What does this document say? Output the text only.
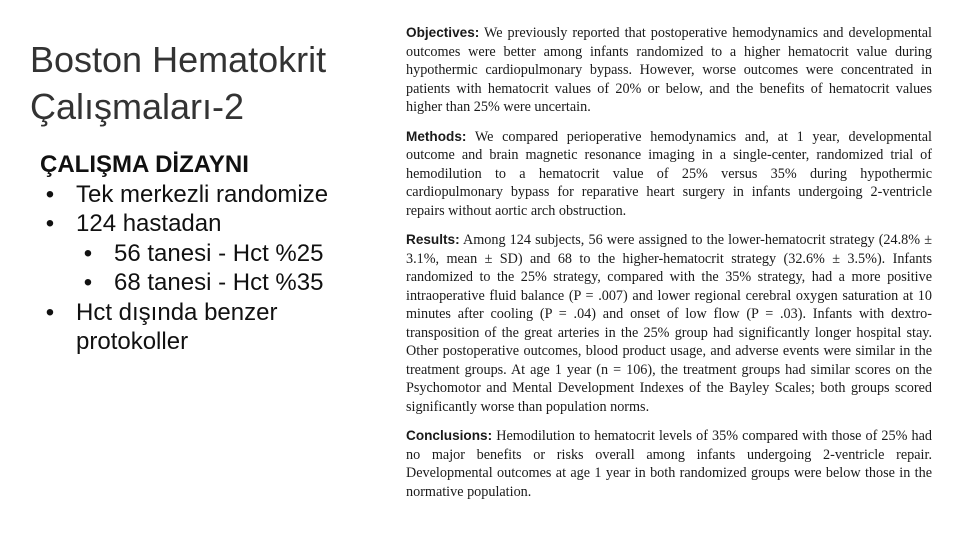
Boston Hematokrit
Çalışmaları-2
ÇALIŞMA DİZAYNI
• Tek merkezli randomize
• 124 hastadan
• 56 tanesi - Hct %25
• 68 tanesi - Hct %35
• Hct dışında benzer protokoller

Objectives: We previously reported that postoperative hemodynamics and developmental outcomes were better among infants randomized to a higher hematocrit value during hypothermic cardiopulmonary bypass. However, worse outcomes were concentrated in patients with hematocrit values of 20% or below, and the benefits of hematocrit values higher than 25% were uncertain.

Methods: We compared perioperative hemodynamics and, at 1 year, developmental outcome and brain magnetic resonance imaging in a single-center, randomized trial of hemodilution to a hematocrit value of 25% versus 35% during hypothermic cardiopulmonary bypass for reparative heart surgery in infants undergoing 2-ventricle repairs without aortic arch obstruction.

Results: Among 124 subjects, 56 were assigned to the lower-hematocrit strategy (24.8% ± 3.1%, mean ± SD) and 68 to the higher-hematocrit strategy (32.6% ± 3.5%). Infants randomized to the 25% strategy, compared with the 35% strategy, had a more positive intraoperative fluid balance (P = .007) and lower regional cerebral oxygen saturation at 10 minutes after cooling (P = .04) and onset of low flow (P = .03). Infants with dextro-transposition of the great arteries in the 25% group had significantly longer hospital stay. Other postoperative outcomes, blood product usage, and adverse events were similar in the treatment groups. At age 1 year (n = 106), the treatment groups had similar scores on the Psychomotor and Mental Development Indexes of the Bayley Scales; both groups scored significantly worse than population norms.

Conclusions: Hemodilution to hematocrit levels of 35% compared with those of 25% had no major benefits or risks overall among infants undergoing 2-ventricle repair. Developmental outcomes at age 1 year in both randomized groups were below those in the normative population.
